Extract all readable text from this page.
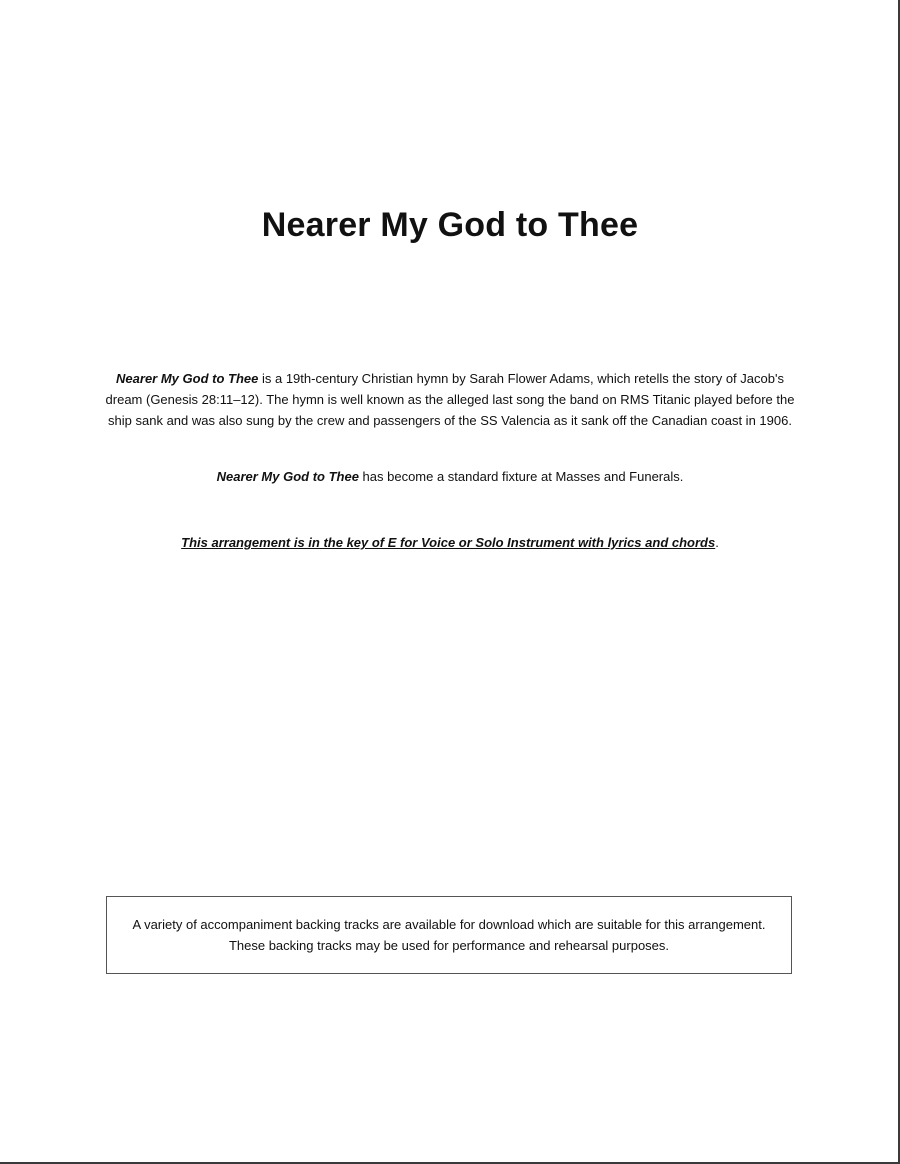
Nearer My God to Thee

Nearer My God to Thee is a 19th-century Christian hymn by Sarah Flower Adams, which retells the story of Jacob's dream (Genesis 28:11–12). The hymn is well known as the alleged last song the band on RMS Titanic played before the ship sank and was also sung by the crew and passengers of the SS Valencia as it sank off the Canadian coast in 1906.

Nearer My God to Thee has become a standard fixture at Masses and Funerals.

This arrangement is in the key of E for Voice or Solo Instrument with lyrics and chords.

A variety of accompaniment backing tracks are available for download which are suitable for this arrangement. These backing tracks may be used for performance and rehearsal purposes.
